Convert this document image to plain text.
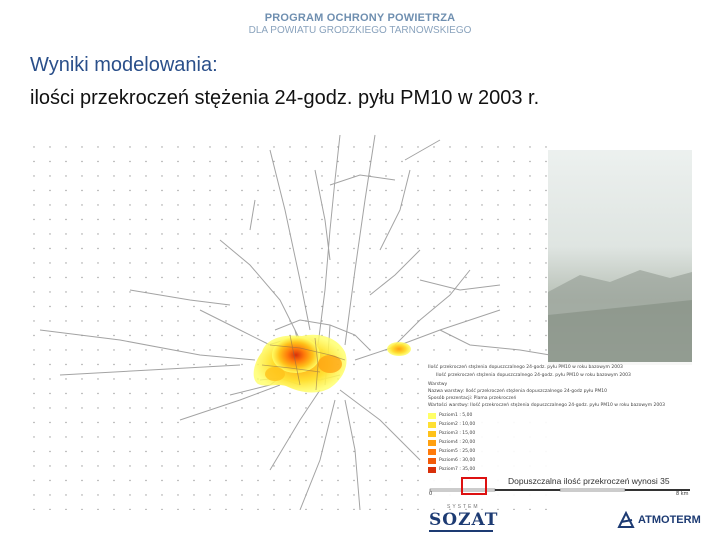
PROGRAM OCHRONY POWIETRZA
DLA POWIATU GRODZKIEGO TARNOWSKIEGO
Wyniki modelowania:
ilości przekroczeń stężenia 24-godz. pyłu PM10 w 2003 r.
Ilość przekroczeń stężenia dopuszczalnego 24-godz. pyłu PM10 w roku bazowym 2003
Ilość przekroczeń stężenia dopuszczalnego 24-godz. pyłu PM10 w roku bazowym 2003
Warstwy
Nazwa warstwy: Ilość przekroczeń stężenia dopuszczalnego 24-godz pyłu PM10
Sposób prezentacji: Plama przekroczeń
Wartości warstwy: Ilość przekroczeń stężenia dopuszczalnego 24-godz. pyłu PM10 w roku bazowym 2003
Poziom1 : 5,00
Poziom2 : 10,00
Poziom3 : 15,00
Poziom4 : 20,00
Poziom5 : 25,00
Poziom6 : 30,00
Poziom7 : 35,00
Dopuszczalna ilość przekroczeń wynosi 35
0	8 km
SYSTEM
SOZAT	ATMOTERM
